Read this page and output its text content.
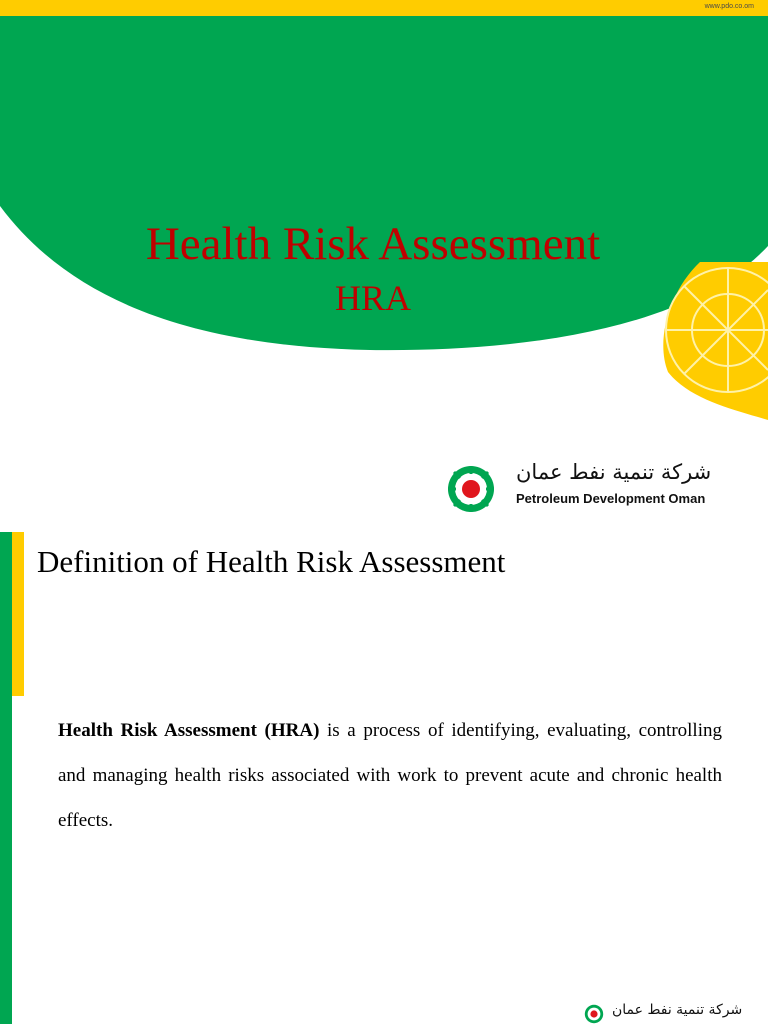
www.pdo.co.om
Health Risk Assessment
HRA
شركة تنمية نفط عمان
Petroleum Development Oman
Definition of Health Risk Assessment

Health Risk Assessment (HRA) is a process of identifying, evaluating, controlling and managing health risks associated with work to prevent acute and chronic health effects.

شركة تنمية نفط عمان
